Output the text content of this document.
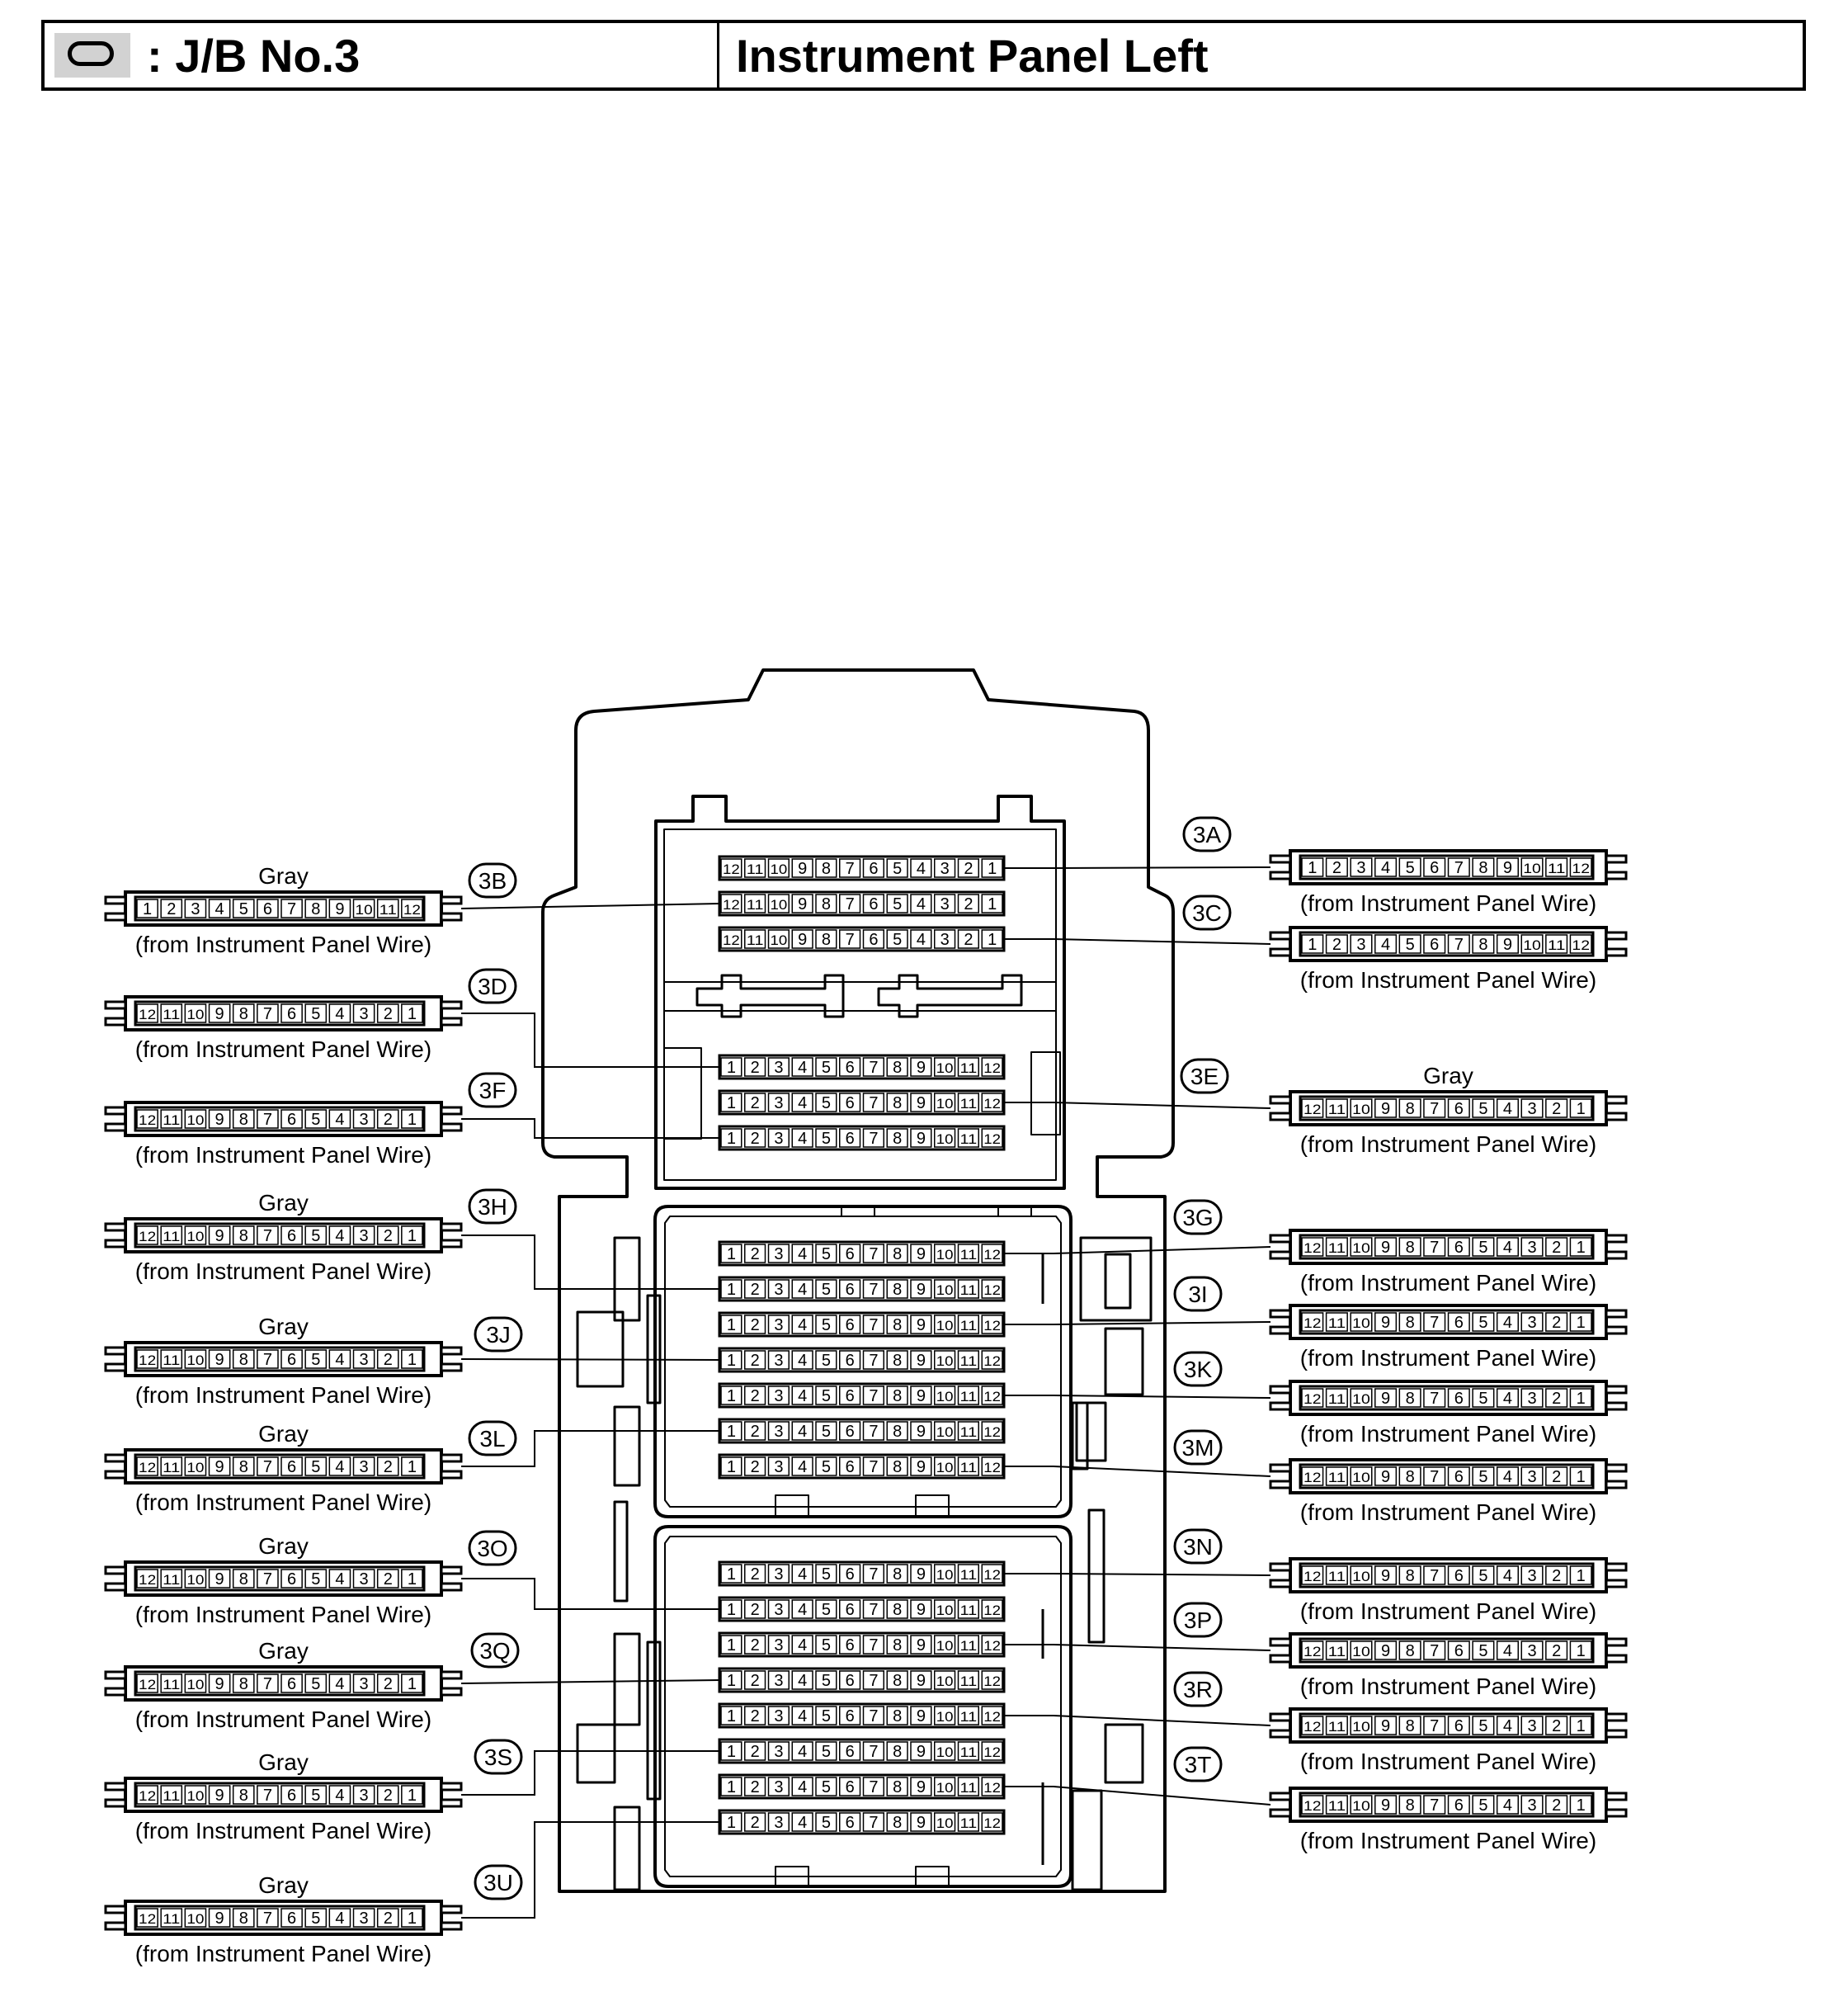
: J/B No.3	Instrument Panel Left
12 11 10 9 8 7 6 5 4 3 2 1
12 11 10 9 8 7 6 5 4 3 2 1
12 11 10 9 8 7 6 5 4 3 2 1
1 2 3 4 5 6 7 8 9 10 11 12
1 2 3 4 5 6 7 8 9 10 11 12
1 2 3 4 5 6 7 8 9 10 11 12
1 2 3 4 5 6 7 8 9 10 11 12
1 2 3 4 5 6 7 8 9 10 11 12
1 2 3 4 5 6 7 8 9 10 11 12
1 2 3 4 5 6 7 8 9 10 11 12
1 2 3 4 5 6 7 8 9 10 11 12
1 2 3 4 5 6 7 8 9 10 11 12
1 2 3 4 5 6 7 8 9 10 11 12
1 2 3 4 5 6 7 8 9 10 11 12
1 2 3 4 5 6 7 8 9 10 11 12
1 2 3 4 5 6 7 8 9 10 11 12
1 2 3 4 5 6 7 8 9 10 11 12
1 2 3 4 5 6 7 8 9 10 11 12
1 2 3 4 5 6 7 8 9 10 11 12
1 2 3 4 5 6 7 8 9 10 11 12
1 2 3 4 5 6 7 8 9 10 11 12
3A
3B
3C
3D
3E
3F
3G
3H
3I
3J
3K
3L	3M
3N
3O
3P
3Q
3R
3S	3T
3U
1 2 3 4 5 6 7 8 9 10 11 12
(from Instrument Panel Wire)
1 2 3 4 5 6 7 8 9 10 11 12
Gray
(from Instrument Panel Wire)	1 2 3 4 5 6 7 8 9 10 11 12
(from Instrument Panel Wire)
12 11 10 9 8 7 6 5 4 3 2 1
(from Instrument Panel Wire)
12 11 10 9 8 7 6 5 4 3 2 1
Gray
(from Instrument Panel Wire)
12 11 10 9 8 7 6 5 4 3 2 1
(from Instrument Panel Wire)
12 11 10 9 8 7 6 5 4 3 2 1
(from Instrument Panel Wire)
12 11 10 9 8 7 6 5 4 3 2 1
Gray
(from Instrument Panel Wire)
12 11 10 9 8 7 6 5 4 3 2 1
(from Instrument Panel Wire)
12 11 10 9 8 7 6 5 4 3 2 1
Gray
(from Instrument Panel Wire)	12 11 10 9 8 7 6 5 4 3 2 1
(from Instrument Panel Wire)
12 11 10 9 8 7 6 5 4 3 2 1
Gray
(from Instrument Panel Wire)
12 11 10 9 8 7 6 5 4 3 2 1
(from Instrument Panel Wire)
12 11 10 9 8 7 6 5 4 3 2 1
(from Instrument Panel Wire)
12 11 10 9 8 7 6 5 4 3 2 1
Gray
(from Instrument Panel Wire)
12 11 10 9 8 7 6 5 4 3 2 1
(from Instrument Panel Wire)
12 11 10 9 8 7 6 5 4 3 2 1
Gray
(from Instrument Panel Wire)	12 11 10 9 8 7 6 5 4 3 2 1
(from Instrument Panel Wire)
12 11 10 9 8 7 6 5 4 3 2 1
Gray
(from Instrument Panel Wire)
12 11 10 9 8 7 6 5 4 3 2 1
(from Instrument Panel Wire)
12 11 10 9 8 7 6 5 4 3 2 1
Gray
(from Instrument Panel Wire)
